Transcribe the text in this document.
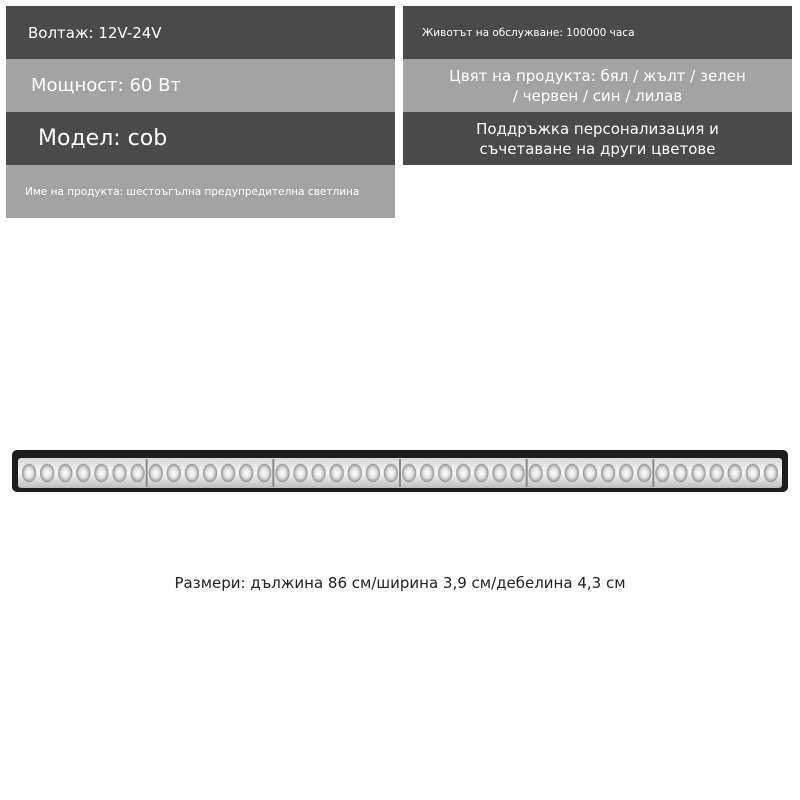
Волтаж: 12V-24V
Мощност: 60 Вт
Модел: cob
Име на продукта: шестоъгълна предупредителна светлина
Животът на обслужване: 100000 часа
Цвят на продукта: бял / жълт / зелен
/ червен / син / лилав
Поддръжка персонализация и
съчетаване на други цветове
Размери: дължина 86 см/ширина 3,9 см/дебелина 4,3 см
